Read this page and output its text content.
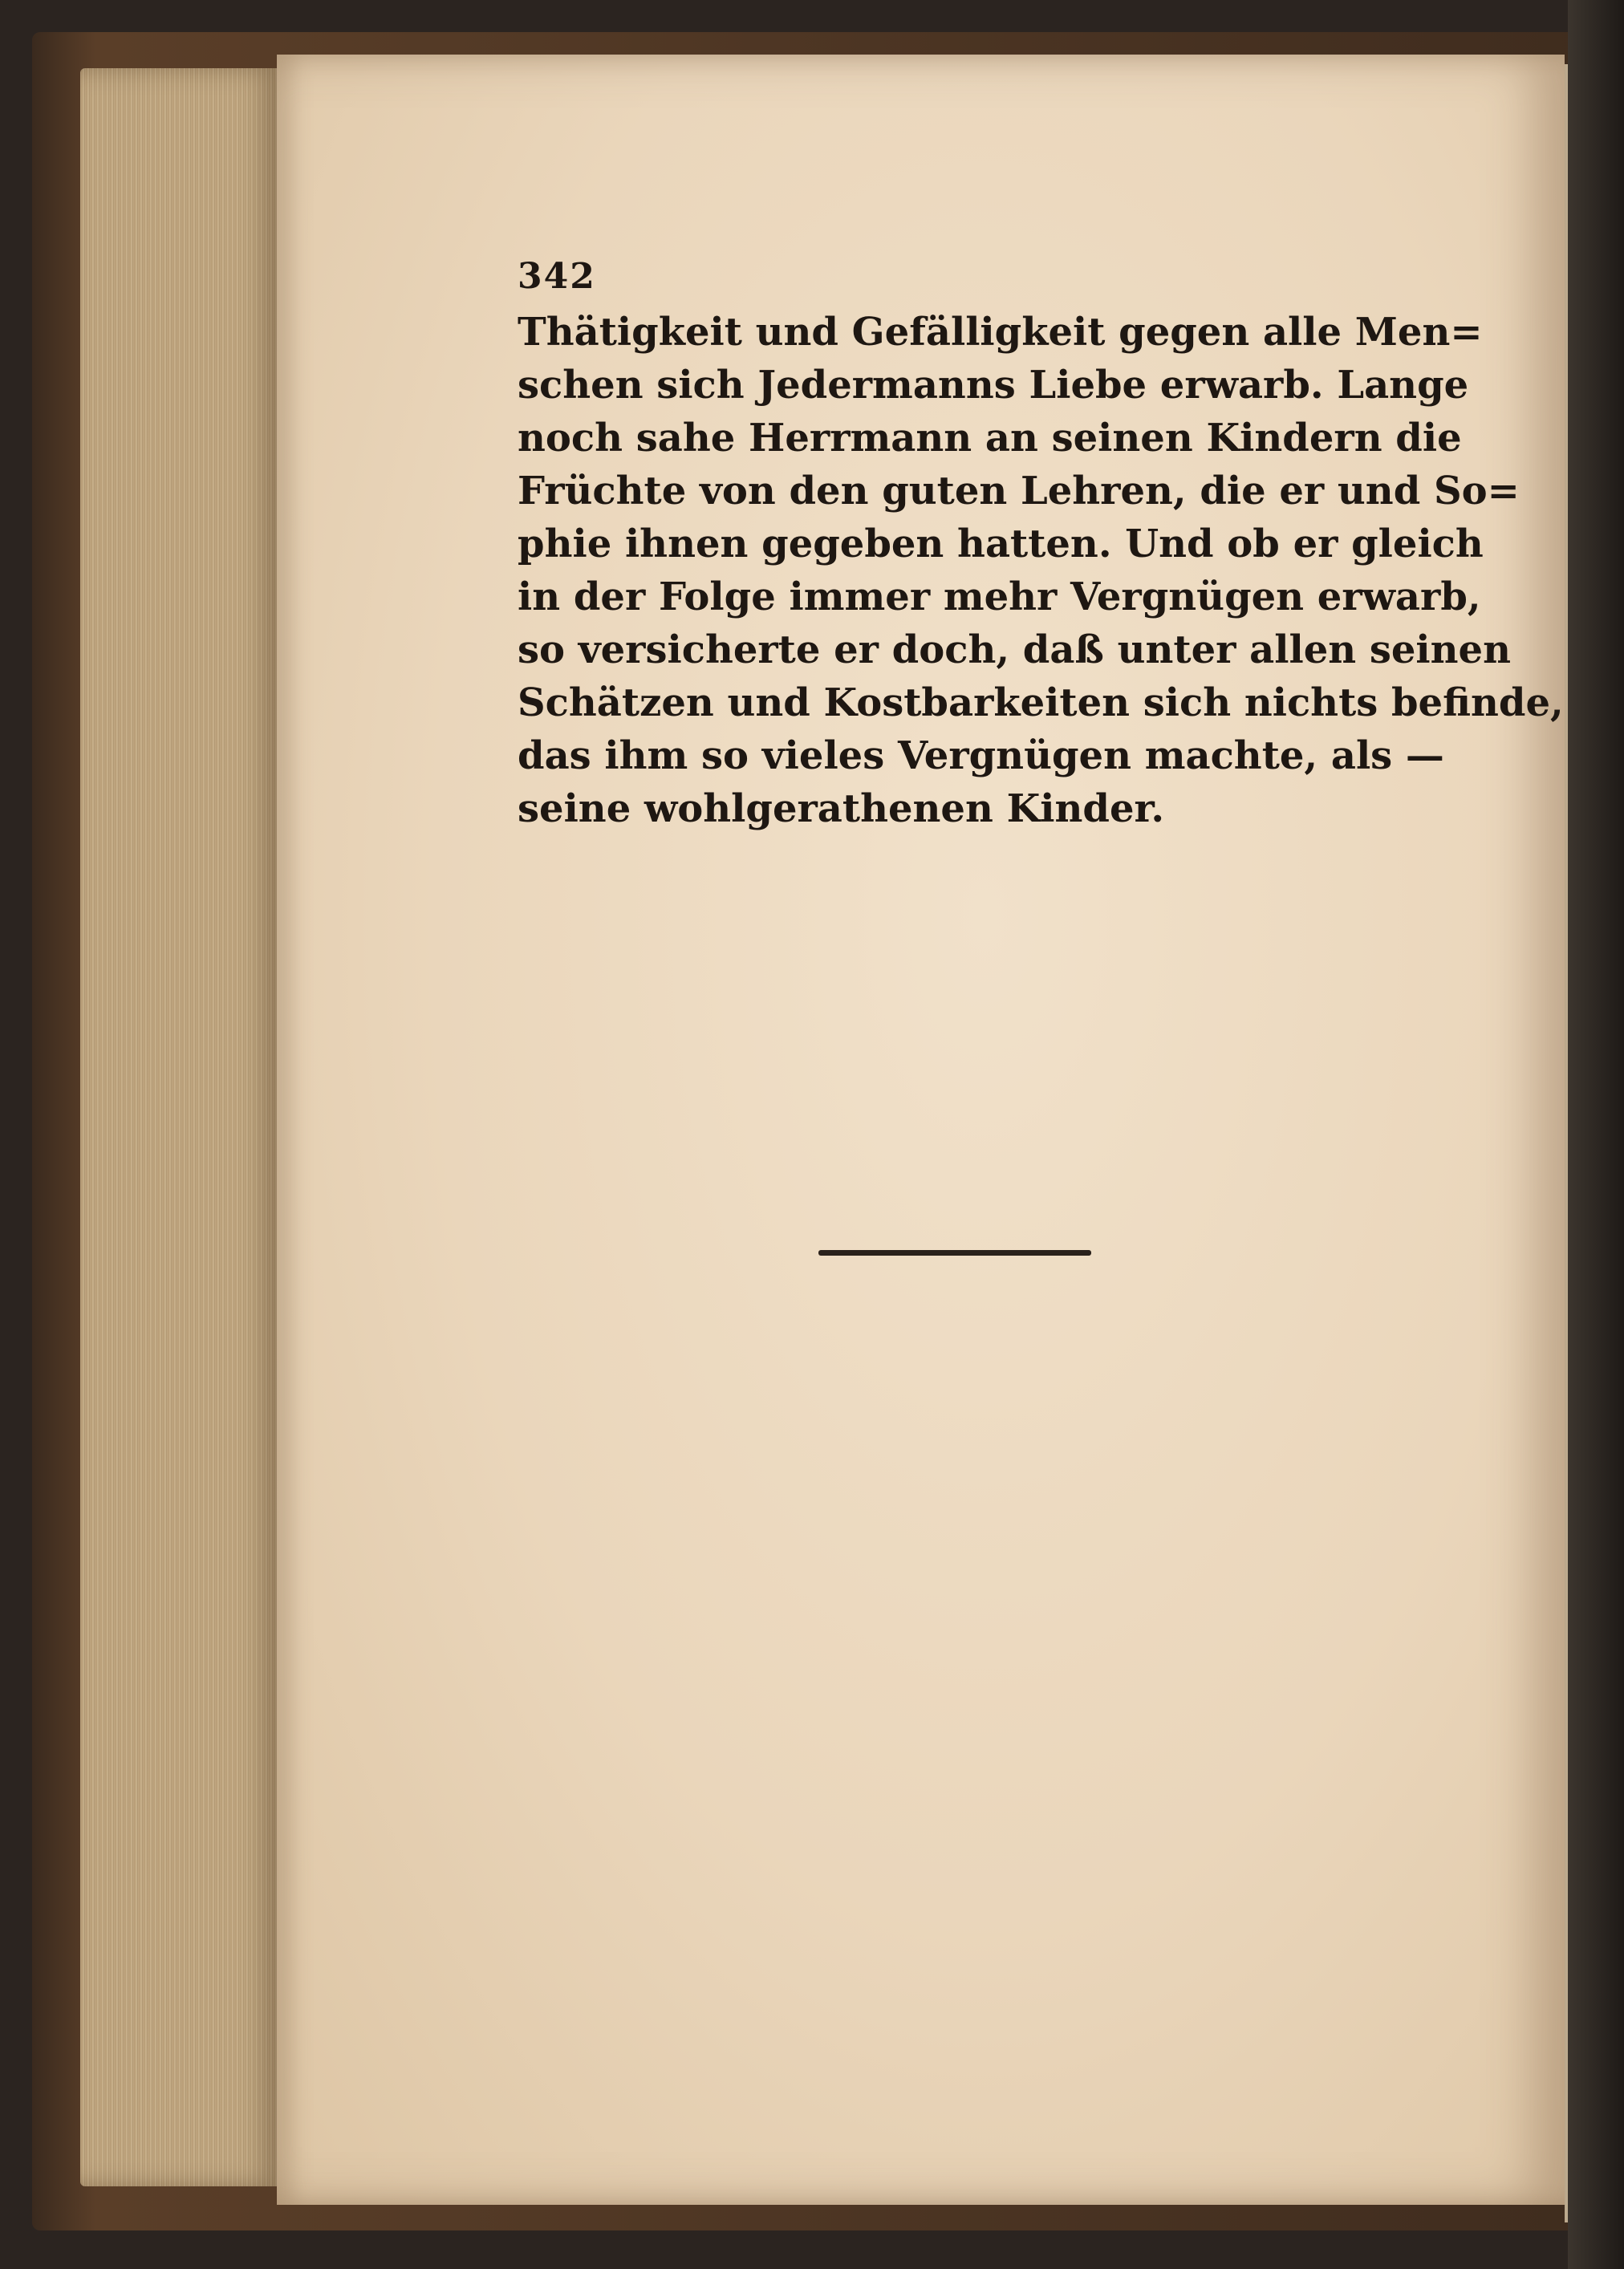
342
Thätigkeit und Gefälligkeit gegen alle Men=
schen sich Jedermanns Liebe erwarb. Lange
noch sahe Herrmann an seinen Kindern die
Früchte von den guten Lehren, die er und So=
phie ihnen gegeben hatten. Und ob er gleich
in der Folge immer mehr Vergnügen erwarb,
so versicherte er doch, daß unter allen seinen
Schätzen und Kostbarkeiten sich nichts befinde,
das ihm so vieles Vergnügen machte, als —
seine wohlgerathenen Kinder.
